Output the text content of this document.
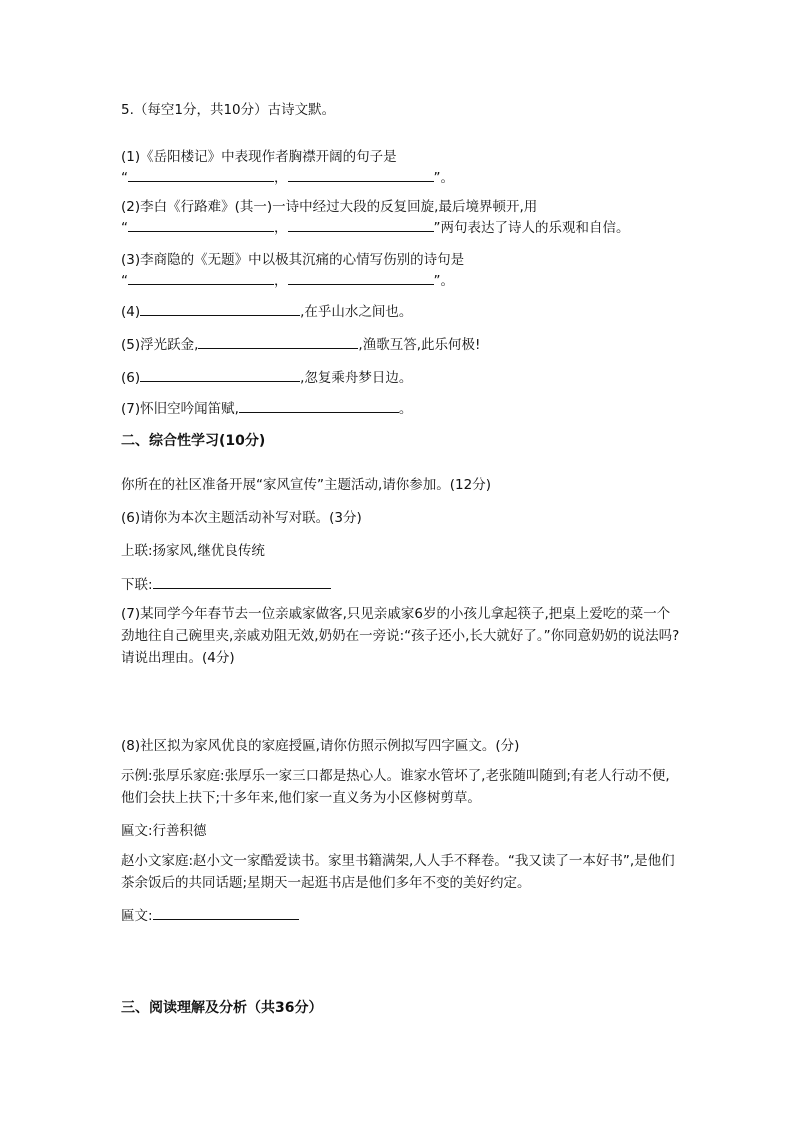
5.（每空1分，共10分）古诗文默。
(1)《岳阳楼记》中表现作者胸襟开阔的句子是
“	，	”。
(2)李白《行路难》(其一)一诗中经过大段的反复回旋,最后境界顿开,用
“	，	”两句表达了诗人的乐观和自信。
(3)李商隐的《无题》中以极其沉痛的心情写伤别的诗句是
“	，	”。
(4)	,在乎山水之间也。
(5)浮光跃金,	,渔歌互答,此乐何极!
(6)	,忽复乘舟梦日边。
(7)怀旧空吟闻笛赋,	。
二、综合性学习(10分)
你所在的社区准备开展“家风宣传”主题活动,请你参加。(12分)
(6)请你为本次主题活动补写对联。(3分)
上联:扬家风,继优良传统
下联:
(7)某同学今年春节去一位亲戚家做客,只见亲戚家6岁的小孩儿拿起筷子,把桌上爱吃的菜一个劲地往自己碗里夹,亲戚劝阻无效,奶奶在一旁说:“孩子还小,长大就好了。”你同意奶奶的说法吗?请说出理由。(4分)
(8)社区拟为家风优良的家庭授匾,请你仿照示例拟写四字匾文。(分)
示例:张厚乐家庭:张厚乐一家三口都是热心人。谁家水管坏了,老张随叫随到;有老人行动不便,他们会扶上扶下;十多年来,他们家一直义务为小区修树剪草。
匾文:行善积德
赵小文家庭:赵小文一家酷爱读书。家里书籍满架,人人手不释卷。“我又读了一本好书”,是他们茶余饭后的共同话题;星期天一起逛书店是他们多年不变的美好约定。
匾文:
三、阅读理解及分析（共36分）
